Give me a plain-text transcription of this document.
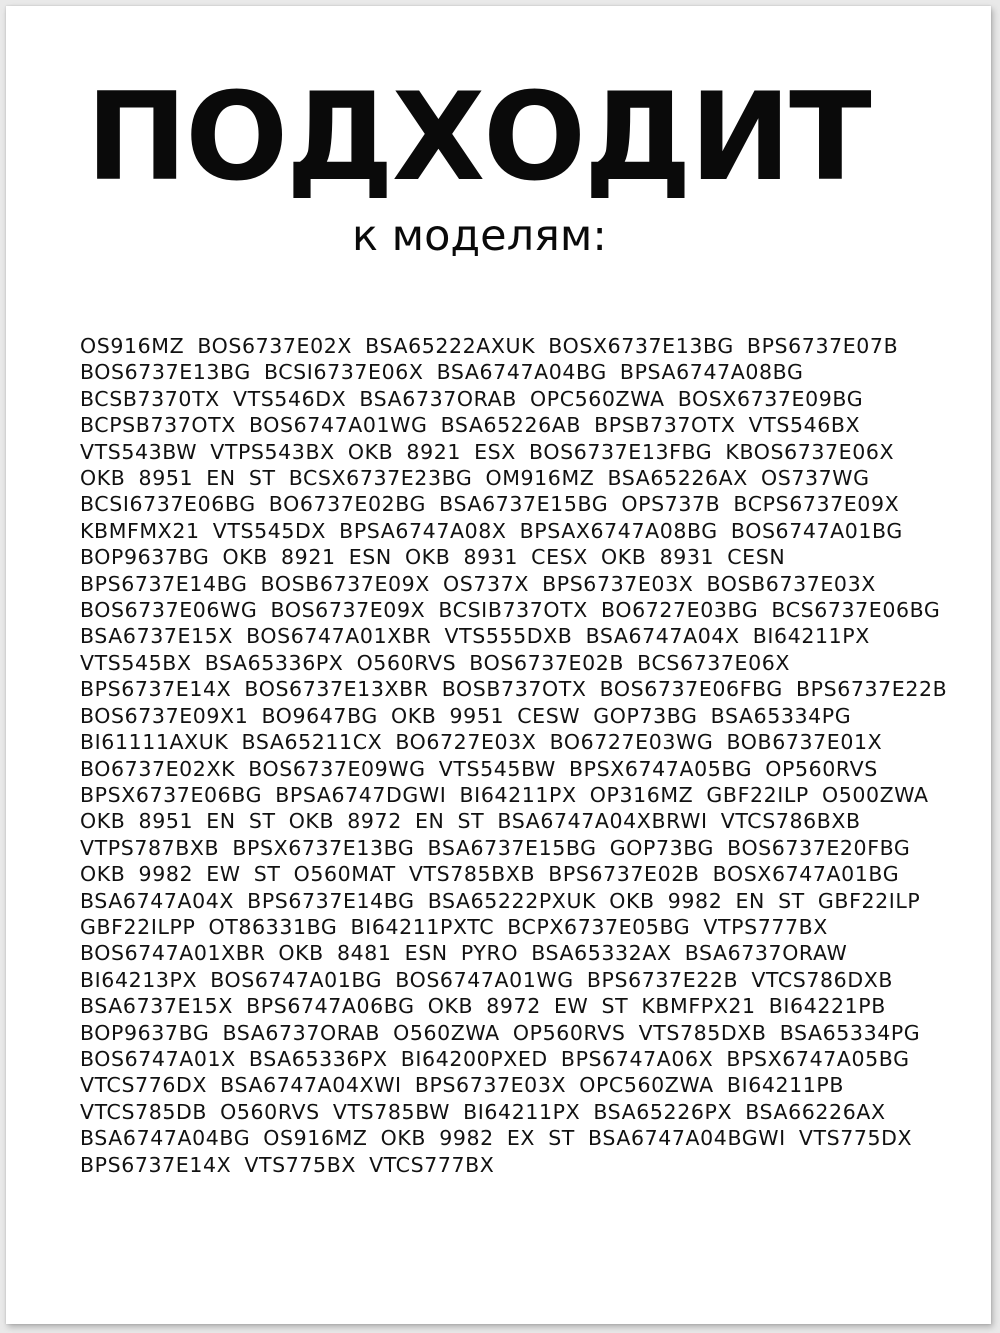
ПОДХОДИТ
к моделям:

OS916MZ BOS6737E02X BSA65222AXUK BOSX6737E13BG BPS6737E07B BOS6737E13BG BCSI6737E06X BSA6747A04BG BPSA6747A08BG BCSB7370TX VTS546DX BSA6737ORAB OPC560ZWA BOSX6737E09BG BCPSB737OTX BOS6747A01WG BSA65226AB BPSB737OTX VTS546BX VTS543BW VTPS543BX OKB 8921 ESX BOS6737E13FBG KBOS6737E06X OKB 8951 EN ST BCSX6737E23BG OM916MZ BSA65226AX OS737WG BCSI6737E06BG BO6737E02BG BSA6737E15BG OPS737B BCPS6737E09X KBMFMX21 VTS545DX BPSA6747A08X BPSAX6747A08BG BOS6747A01BG BOP9637BG OKB 8921 ESN OKB 8931 CESX OKB 8931 CESN BPS6737E14BG BOSB6737E09X OS737X BPS6737E03X BOSB6737E03X BOS6737E06WG BOS6737E09X BCSIB737OTX BO6727E03BG BCS6737E06BG BSA6737E15X BOS6747A01XBR VTS555DXB BSA6747A04X BI64211PX VTS545BX BSA65336PX O560RVS BOS6737E02B BCS6737E06X BPS6737E14X BOS6737E13XBR BOSB737OTX BOS6737E06FBG BPS6737E22B BOS6737E09X1 BO9647BG OKB 9951 CESW GOP73BG BSA65334PG BI61111AXUK BSA65211CX BO6727E03X BO6727E03WG BOB6737E01X BO6737E02XK BOS6737E09WG VTS545BW BPSX6747A05BG OP560RVS BPSX6737E06BG BPSA6747DGWI BI64211PX OP316MZ GBF22ILP O500ZWA OKB 8951 EN ST OKB 8972 EN ST BSA6747A04XBRWI VTCS786BXB VTPS787BXB BPSX6737E13BG BSA6737E15BG GOP73BG BOS6737E20FBG OKB 9982 EW ST O560MAT VTS785BXB BPS6737E02B BOSX6747A01BG BSA6747A04X BPS6737E14BG BSA65222PXUK OKB 9982 EN ST GBF22ILP GBF22ILPP OT86331BG BI64211PXTC BCPX6737E05BG VTPS777BX BOS6747A01XBR OKB 8481 ESN PYRO BSA65332AX BSA6737ORAW BI64213PX BOS6747A01BG BOS6747A01WG BPS6737E22B VTCS786DXB BSA6737E15X BPS6747A06BG OKB 8972 EW ST KBMFPX21 BI64221PB BOP9637BG BSA6737ORAB O560ZWA OP560RVS VTS785DXB BSA65334PG BOS6747A01X BSA65336PX BI64200PXED BPS6747A06X BPSX6747A05BG VTCS776DX BSA6747A04XWI BPS6737E03X OPC560ZWA BI64211PB VTCS785DB O560RVS VTS785BW BI64211PX BSA65226PX BSA66226AX BSA6747A04BG OS916MZ OKB 9982 EX ST BSA6747A04BGWI VTS775DX BPS6737E14X VTS775BX VTCS777BX
